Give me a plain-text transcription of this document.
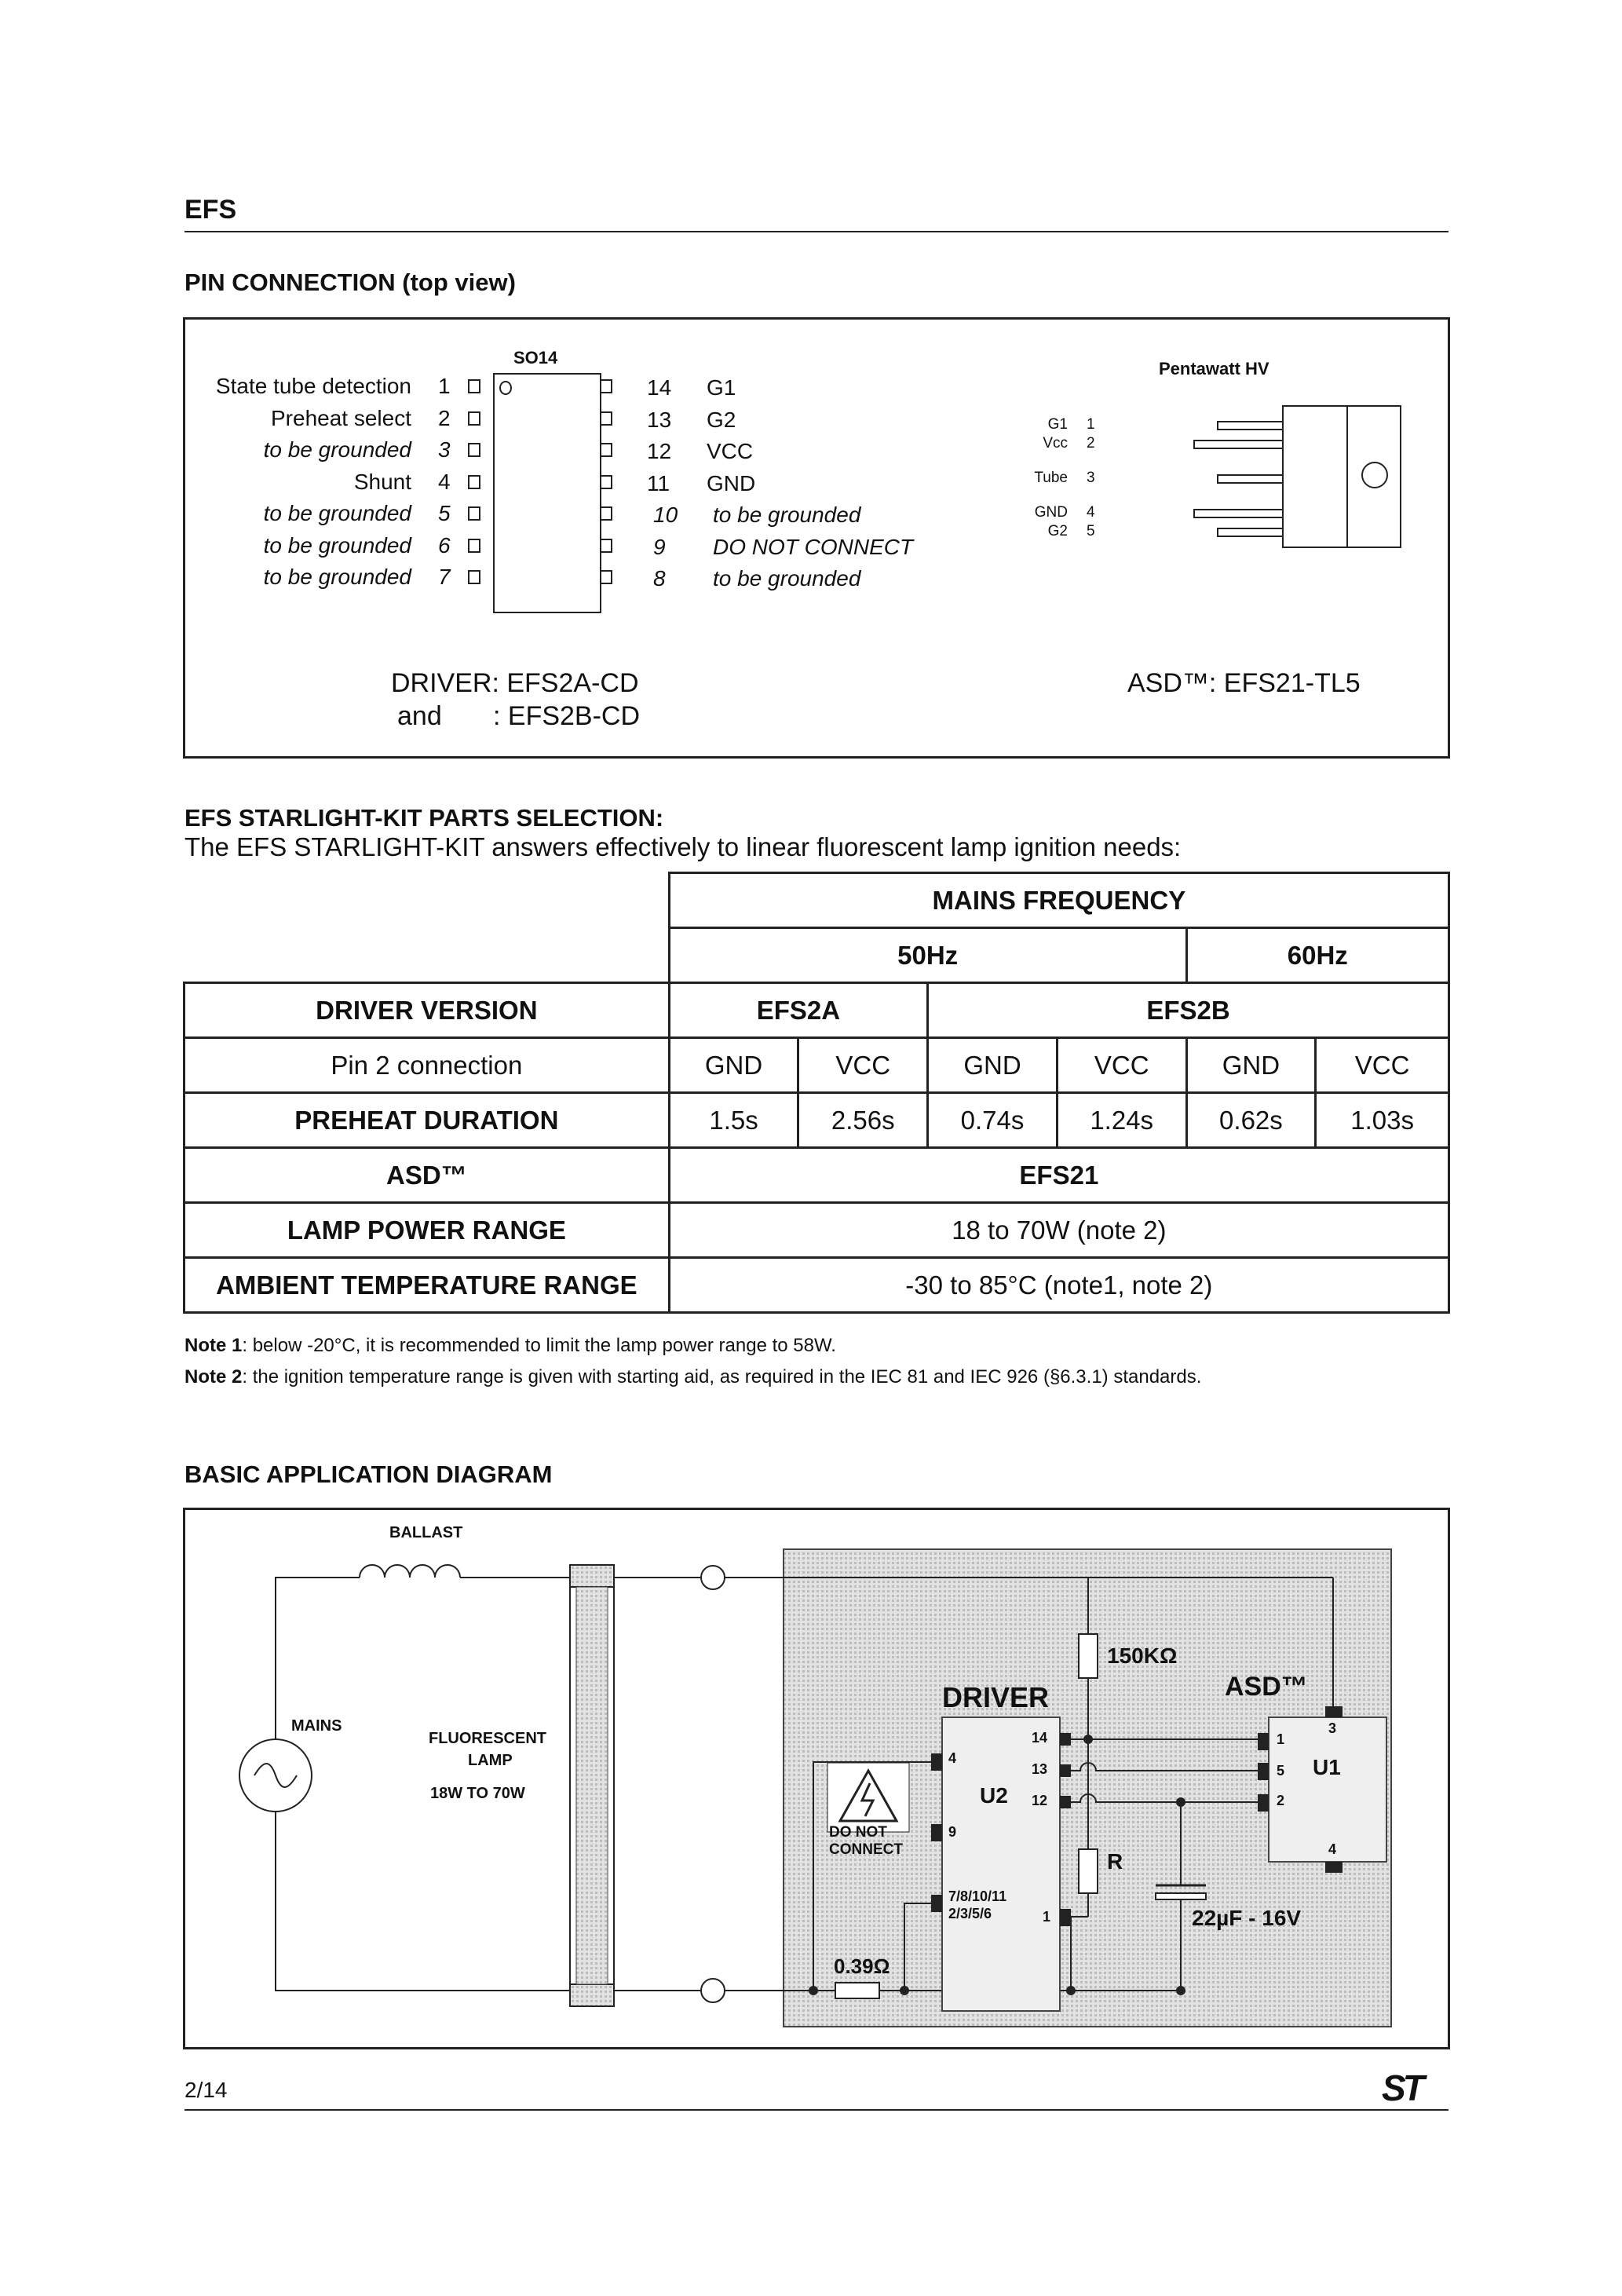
EFS
PIN CONNECTION (top view)
SO14
Pentawatt HV
DRIVER: EFS2A-CD
and : EFS2B-CD
ASD™: EFS21-TL5
State tube detection 1
Preheat select 2
to be grounded 3
Shunt 4
to be grounded 5
to be grounded 6
to be grounded 7
14 G1
13 G2
12 VCC
11 GND
10 to be grounded
9 DO NOT CONNECT
8 to be grounded
G1 1
Vcc 2
Tube 3
GND 4
G2 5
EFS STARLIGHT-KIT PARTS SELECTION:
The EFS STARLIGHT-KIT answers effectively to linear fluorescent lamp ignition needs:
	MAINS FREQUENCY					
	50Hz				60Hz	
DRIVER VERSION	EFS2A		EFS2B			
Pin 2 connection	GND	VCC	GND	VCC	GND	VCC
PREHEAT DURATION	1.5s	2.56s	0.74s	1.24s	0.62s	1.03s
ASD™	EFS21					
LAMP POWER RANGE	18 to 70W (note 2)					
AMBIENT TEMPERATURE RANGE	-30 to 85°C (note1, note 2)					
Note 1: below -20°C, it is recommended to limit the lamp power range to 58W.
Note 2: the ignition temperature range is given with starting aid, as required in the IEC 81 and IEC 926 (§6.3.1) standards.
BASIC APPLICATION DIAGRAM
BALLAST
MAINS
FLUORESCENT
LAMP
18W TO 70W
DRIVER
U2
ASD™
U1
150KΩ
R
22µF - 16V
0.39Ω
DO NOT
CONNECT
14
13
12
4
9
7/8/10/11
2/3/5/6	1
1
5
2
3
4
2/14	ST
